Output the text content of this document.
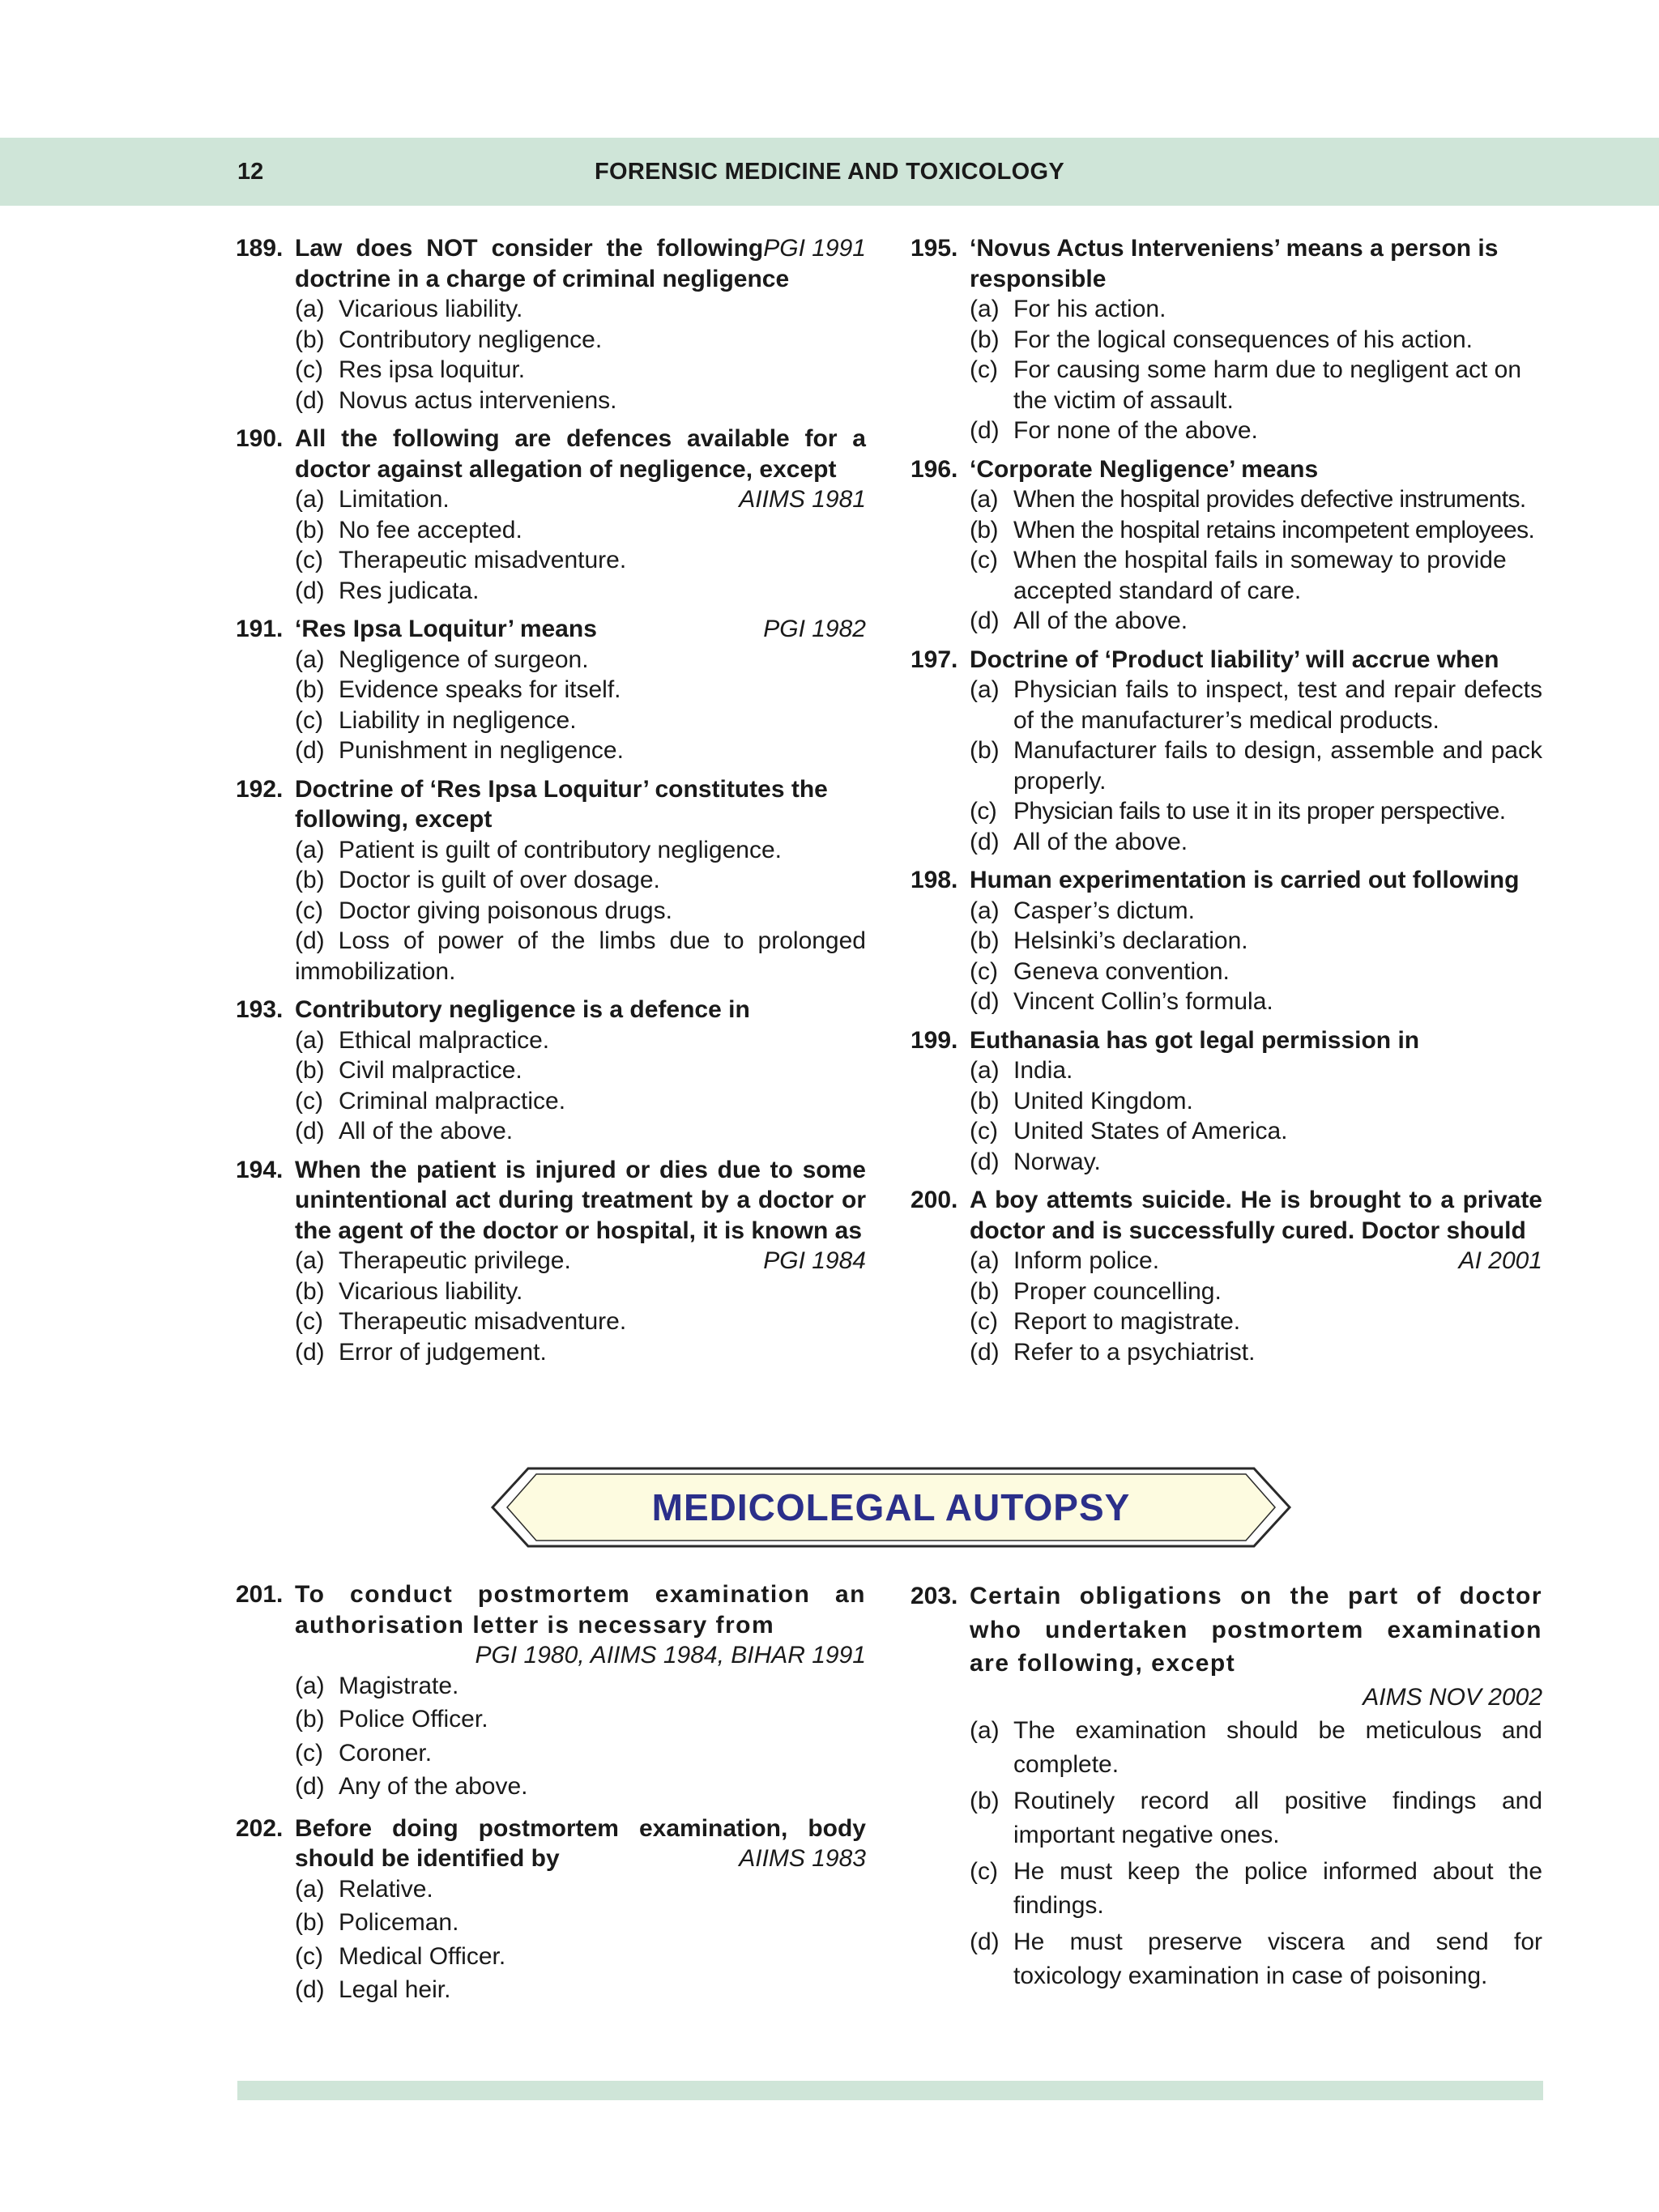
12	FORENSIC MEDICINE AND TOXICOLOGY
189.	PGI 1991
Law does NOT consider the following doctrine in a charge of criminal negligence
(a) Vicarious liability.
(b) Contributory negligence.
(c) Res ipsa loquitur.
(d) Novus actus interveniens.
190. All the following are defences available for a doctor against allegation of negligence, except
AIIMS 1981
(a) Limitation.
(b) No fee accepted.
(c) Therapeutic misadventure.
(d) Res judicata.
191.	PGI 1982
‘Res Ipsa Loquitur’ means
(a) Negligence of surgeon.
(b) Evidence speaks for itself.
(c) Liability in negligence.
(d) Punishment in negligence.
192. Doctrine of ‘Res Ipsa Loquitur’ constitutes the following, except
(a) Patient is guilt of contributory negligence.
(b) Doctor is guilt of over dosage.
(c) Doctor giving poisonous drugs.
(d) Loss of power of the limbs due to prolonged immobilization.
193. Contributory negligence is a defence in
(a) Ethical malpractice.
(b) Civil malpractice.
(c) Criminal malpractice.
(d) All of the above.
194. When the patient is injured or dies due to some unintentional act during treatment by a doctor or the agent of the doctor or hospital, it is known as
PGI 1984
(a) Therapeutic privilege.
(b) Vicarious liability.
(c) Therapeutic misadventure.
(d) Error of judgement.
195. ‘Novus Actus Interveniens’ means a person is responsible
(a) For his action.
(b) For the logical consequences of his action.
(c) For causing some harm due to negligent act on the victim of assault.
(d) For none of the above.
196. ‘Corporate Negligence’ means
(a) When the hospital provides defective instruments.
(b) When the hospital retains incompetent employees.
(c) When the hospital fails in someway to provide accepted standard of care.
(d) All of the above.
197. Doctrine of ‘Product liability’ will accrue when
(a) Physician fails to inspect, test and repair defects of the manufacturer’s medical products.
(b) Manufacturer fails to design, assemble and pack properly.
(c) Physician fails to use it in its proper perspective.
(d) All of the above.
198. Human experimentation is carried out following
(a) Casper’s dictum.
(b) Helsinki’s declaration.
(c) Geneva convention.
(d) Vincent Collin’s formula.
199. Euthanasia has got legal permission in
(a) India.
(b) United Kingdom.
(c) United States of America.
(d) Norway.
200. A boy attemts suicide. He is brought to a private doctor and is successfully cured. Doctor should
AI 2001
(a) Inform police.
(b) Proper councelling.
(c) Report to magistrate.
(d) Refer to a psychiatrist.
MEDICOLEGAL AUTOPSY
201. To conduct postmortem examination an authorisation letter is necessary from
PGI 1980, AIIMS 1984, BIHAR 1991
(a) Magistrate.
(b) Police Officer.
(c) Coroner.
(d) Any of the above.
202. Before doing postmortem examination, body should be identified by	AIIMS 1983
(a) Relative.
(b) Policeman.
(c) Medical Officer.
(d) Legal heir.
203. Certain obligations on the part of doctor who undertaken postmortem examination are following, except
AIMS NOV 2002
(a) The examination should be meticulous and complete.
(b) Routinely record all positive findings and important negative ones.
(c) He must keep the police informed about the findings.
(d) He must preserve viscera and send for toxicology examination in case of poisoning.
